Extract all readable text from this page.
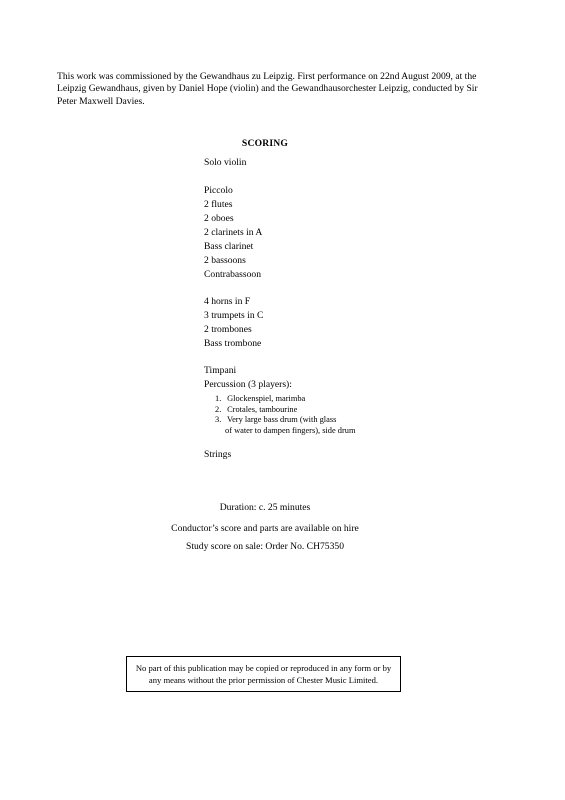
This work was commissioned by the Gewandhaus zu Leipzig. First performance on 22nd August 2009, at the
Leipzig Gewandhaus, given by Daniel Hope (violin) and the Gewandhausorchester Leipzig, conducted by Sir
Peter Maxwell Davies.
SCORING
Solo violin
Piccolo
2 flutes
2 oboes
2 clarinets in A
Bass clarinet
2 bassoons
Contrabassoon
4 horns in F
3 trumpets in C
2 trombones
Bass trombone
Timpani
Percussion (3 players):
1. Glockenspiel, marimba
2. Crotales, tambourine
3. Very large bass drum (with glass
of water to dampen fingers), side drum
Strings
Duration: c. 25 minutes
Conductor’s score and parts are available on hire
Study score on sale: Order No. CH75350
No part of this publication may be copied or reproduced in any form or by
any means without the prior permission of Chester Music Limited.
